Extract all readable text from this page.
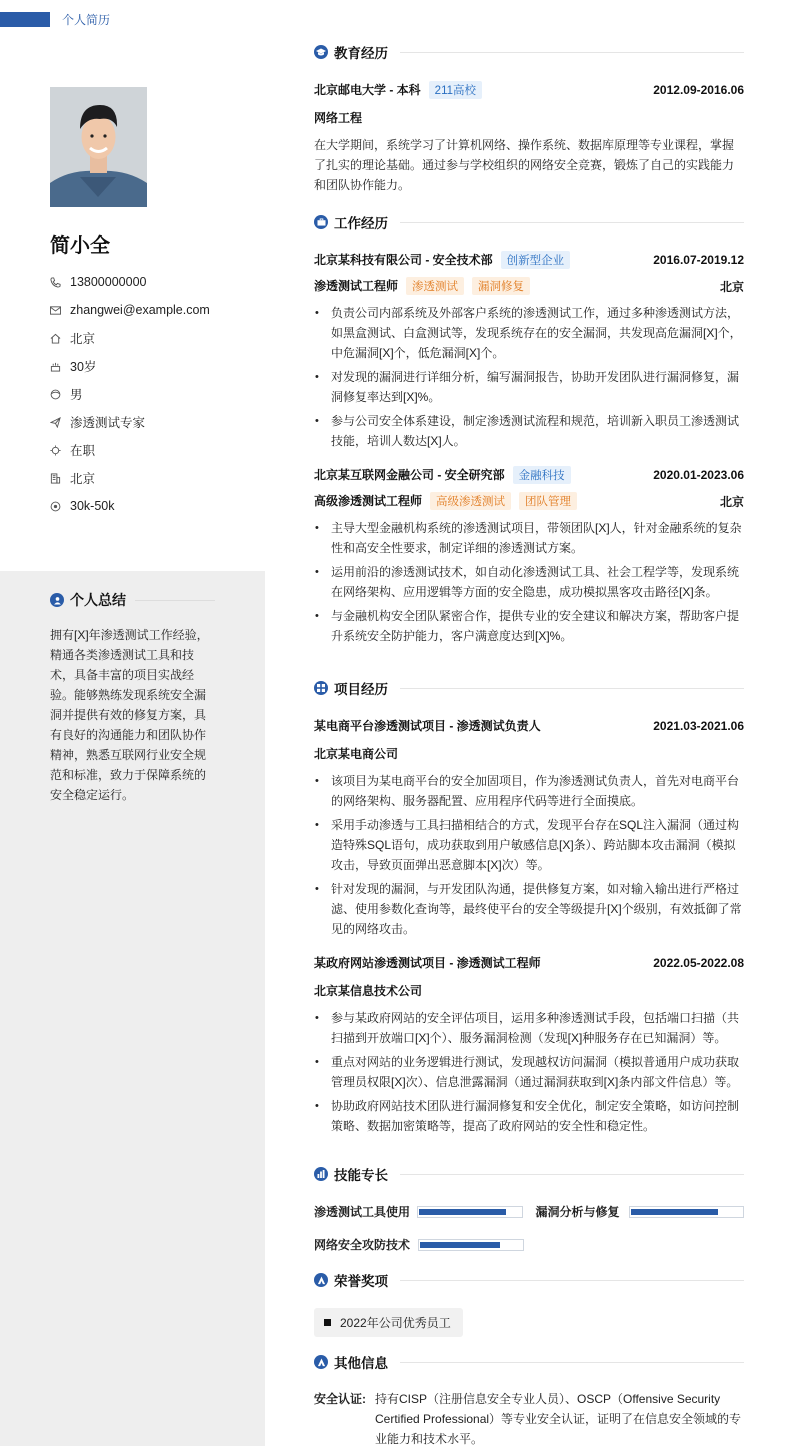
个人简历
简小全
13800000000
zhangwei@example.com
北京
30岁
男
渗透测试专家
在职
北京
30k-50k
个人总结
拥有[X]年渗透测试工作经验，精通各类渗透测试工具和技术，具备丰富的项目实战经验。能够熟练发现系统安全漏洞并提供有效的修复方案，具有良好的沟通能力和团队协作精神，熟悉互联网行业安全规范和标准，致力于保障系统的安全稳定运行。
教育经历
北京邮电大学 - 本科 211高校	2012.09-2016.06
网络工程
在大学期间，系统学习了计算机网络、操作系统、数据库原理等专业课程，掌握了扎实的理论基础。通过参与学校组织的网络安全竞赛，锻炼了自己的实践能力和团队协作能力。
工作经历
北京某科技有限公司 - 安全技术部 创新型企业	2016.07-2019.12
渗透测试工程师 渗透测试 漏洞修复	北京
• 负责公司内部系统及外部客户系统的渗透测试工作，通过多种渗透测试方法，如黑盒测试、白盒测试等，发现系统存在的安全漏洞，共发现高危漏洞[X]个，中危漏洞[X]个，低危漏洞[X]个。
• 对发现的漏洞进行详细分析，编写漏洞报告，协助开发团队进行漏洞修复，漏洞修复率达到[X]%。
• 参与公司安全体系建设，制定渗透测试流程和规范，培训新入职员工渗透测试技能，培训人数达[X]人。
北京某互联网金融公司 - 安全研究部 金融科技	2020.01-2023.06
高级渗透测试工程师 高级渗透测试 团队管理	北京
• 主导大型金融机构系统的渗透测试项目，带领团队[X]人，针对金融系统的复杂性和高安全性要求，制定详细的渗透测试方案。
• 运用前沿的渗透测试技术，如自动化渗透测试工具、社会工程学等，发现系统在网络架构、应用逻辑等方面的安全隐患，成功模拟黑客攻击路径[X]条。
• 与金融机构安全团队紧密合作，提供专业的安全建议和解决方案，帮助客户提升系统安全防护能力，客户满意度达到[X]%。
项目经历
某电商平台渗透测试项目 - 渗透测试负责人	2021.03-2021.06
北京某电商公司
• 该项目为某电商平台的安全加固项目，作为渗透测试负责人，首先对电商平台的网络架构、服务器配置、应用程序代码等进行全面摸底。
• 采用手动渗透与工具扫描相结合的方式，发现平台存在SQL注入漏洞（通过构造特殊SQL语句，成功获取到用户敏感信息[X]条）、跨站脚本攻击漏洞（模拟攻击，导致页面弹出恶意脚本[X]次）等。
• 针对发现的漏洞，与开发团队沟通，提供修复方案，如对输入输出进行严格过滤、使用参数化查询等，最终使平台的安全等级提升[X]个级别，有效抵御了常见的网络攻击。
某政府网站渗透测试项目 - 渗透测试工程师	2022.05-2022.08
北京某信息技术公司
• 参与某政府网站的安全评估项目，运用多种渗透测试手段，包括端口扫描（共扫描到开放端口[X]个）、服务漏洞检测（发现[X]种服务存在已知漏洞）等。
• 重点对网站的业务逻辑进行测试，发现越权访问漏洞（模拟普通用户成功获取管理员权限[X]次）、信息泄露漏洞（通过漏洞获取到[X]条内部文件信息）等。
• 协助政府网站技术团队进行漏洞修复和安全优化，制定安全策略，如访问控制策略、数据加密策略等，提高了政府网站的安全性和稳定性。
技能专长
渗透测试工具使用	漏洞分析与修复
网络安全攻防技术
荣誉奖项
2022年公司优秀员工
其他信息
安全认证: 持有CISP（注册信息安全专业人员）、OSCP（Offensive Security Certified Professional）等专业安全认证，证明了在信息安全领域的专业能力和技术水平。
